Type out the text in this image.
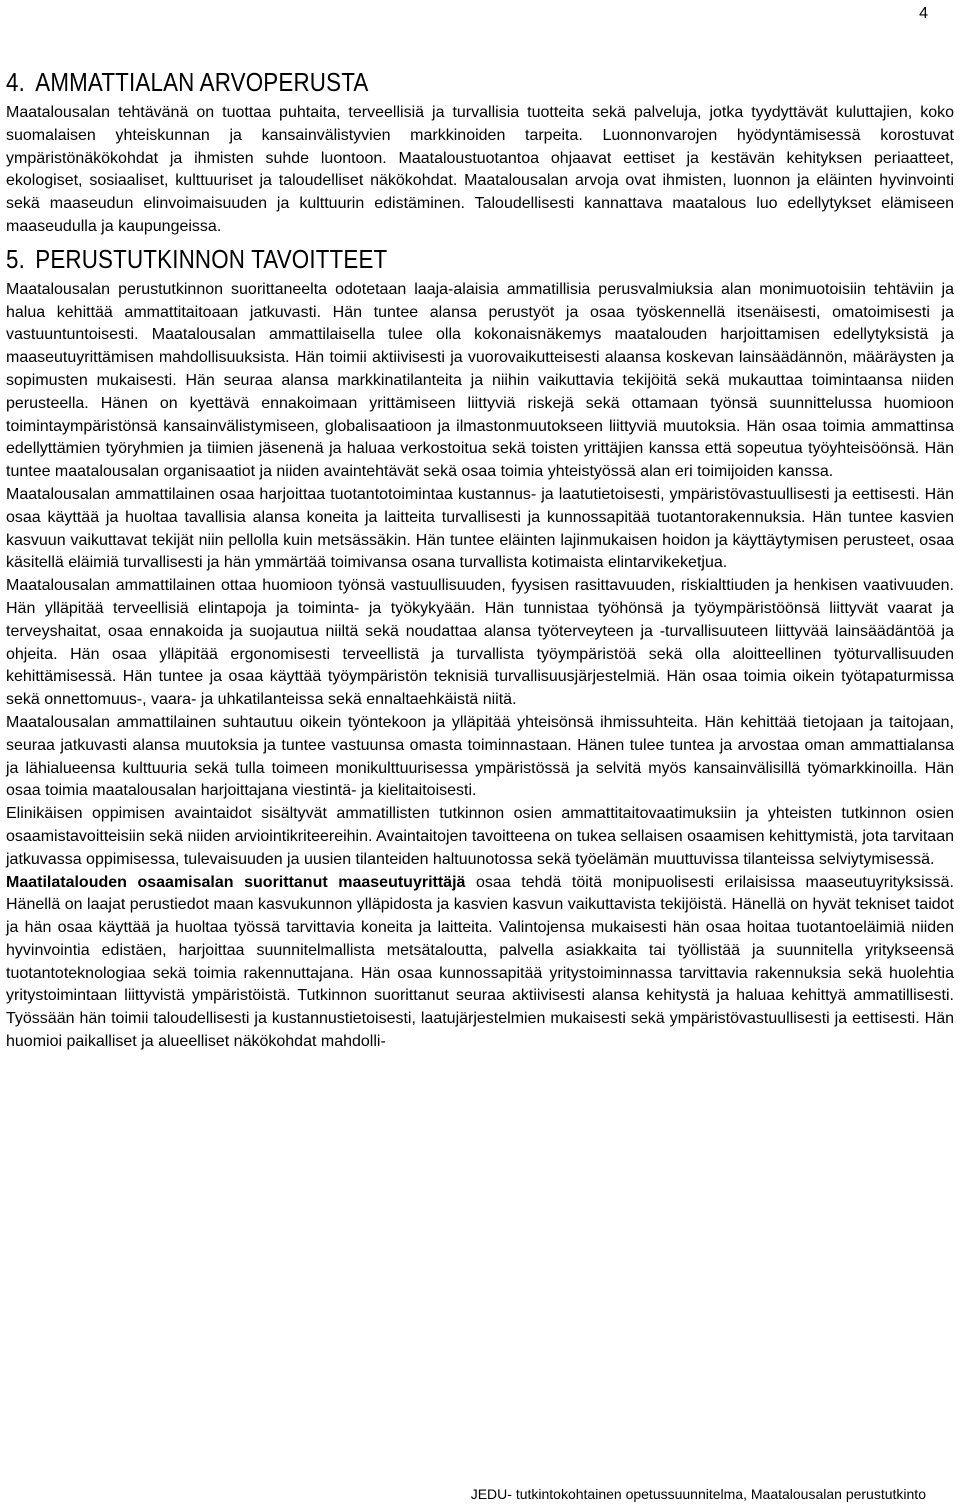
4
4. AMMATTIALAN ARVOPERUSTA

Maatalousalan tehtävänä on tuottaa puhtaita, terveellisiä ja turvallisia tuotteita sekä palveluja, jotka tyydyttävät kuluttajien, koko suomalaisen yhteiskunnan ja kansainvälistyvien markkinoiden tarpeita. Luonnonvarojen hyödyntämisessä korostuvat ympäristönäkökohdat ja ihmisten suhde luontoon. Maataloustuotantoa ohjaavat eettiset ja kestävän kehityksen periaatteet, ekologiset, sosiaaliset, kulttuuriset ja taloudelliset näkökohdat. Maatalousalan arvoja ovat ihmisten, luonnon ja eläinten hyvinvointi sekä maaseudun elinvoimaisuuden ja kulttuurin edistäminen. Taloudellisesti kannattava maatalous luo edellytykset elämiseen maaseudulla ja kaupungeissa.

5. PERUSTUTKINNON TAVOITTEET

Maatalousalan perustutkinnon suorittaneelta odotetaan laaja-alaisia ammatillisia perusvalmiuksia alan monimuotoisiin tehtäviin ja halua kehittää ammattitaitoaan jatkuvasti. Hän tuntee alansa perustyöt ja osaa työskennellä itsenäisesti, omatoimisesti ja vastuuntuntoisesti. Maatalousalan ammattilaisella tulee olla kokonaisnäkemys maatalouden harjoittamisen edellytyksistä ja maaseutuyrittämisen mahdollisuuksista. Hän toimii aktiivisesti ja vuorovaikutteisesti alaansa koskevan lainsäädännön, määräysten ja sopimusten mukaisesti. Hän seuraa alansa markkinatilanteita ja niihin vaikuttavia tekijöitä sekä mukauttaa toimintaansa niiden perusteella. Hänen on kyettävä ennakoimaan yrittämiseen liittyviä riskejä sekä ottamaan työnsä suunnittelussa huomioon toimintaympäristönsä kansainvälistymiseen, globalisaatioon ja ilmastonmuutokseen liittyviä muutoksia. Hän osaa toimia ammattinsa edellyttämien työryhmien ja tiimien jäsenenä ja haluaa verkostoitua sekä toisten yrittäjien kanssa että sopeutua työyhteisöönsä. Hän tuntee maatalousalan organisaatiot ja niiden avaintehtävät sekä osaa toimia yhteistyössä alan eri toimijoiden kanssa.

Maatalousalan ammattilainen osaa harjoittaa tuotantotoimintaa kustannus- ja laatutietoisesti, ympäristövastuullisesti ja eettisesti. Hän osaa käyttää ja huoltaa tavallisia alansa koneita ja laitteita turvallisesti ja kunnossapitää tuotantorakennuksia. Hän tuntee kasvien kasvuun vaikuttavat tekijät niin pellolla kuin metsässäkin. Hän tuntee eläinten lajinmukaisen hoidon ja käyttäytymisen perusteet, osaa käsitellä eläimiä turvallisesti ja hän ymmärtää toimivansa osana turvallista kotimaista elintarvikeketjua.

Maatalousalan ammattilainen ottaa huomioon työnsä vastuullisuuden, fyysisen rasittavuuden, riskialttiuden ja henkisen vaativuuden. Hän ylläpitää terveellisiä elintapoja ja toiminta- ja työkykyään. Hän tunnistaa työhönsä ja työympäristöönsä liittyvät vaarat ja terveyshaitat, osaa ennakoida ja suojautua niiltä sekä noudattaa alansa työterveyteen ja -turvallisuuteen liittyvää lainsäädäntöä ja ohjeita. Hän osaa ylläpitää ergonomisesti terveellistä ja turvallista työympäristöä sekä olla aloitteellinen työturvallisuuden kehittämisessä. Hän tuntee ja osaa käyttää työympäristön teknisiä turvallisuusjärjestelmiä. Hän osaa toimia oikein työtapaturmissa sekä onnettomuus-, vaara- ja uhkatilanteissa sekä ennaltaehkäistä niitä.

Maatalousalan ammattilainen suhtautuu oikein työntekoon ja ylläpitää yhteisönsä ihmissuhteita. Hän kehittää tietojaan ja taitojaan, seuraa jatkuvasti alansa muutoksia ja tuntee vastuunsa omasta toiminnastaan. Hänen tulee tuntea ja arvostaa oman ammattialansa ja lähialueensa kulttuuria sekä tulla toimeen monikulttuurisessa ympäristössä ja selvitä myös kansainvälisillä työmarkkinoilla. Hän osaa toimia maatalousalan harjoittajana viestintä- ja kielitaitoisesti.

Elinikäisen oppimisen avaintaidot sisältyvät ammatillisten tutkinnon osien ammattitaitovaatimuksiin ja yhteisten tutkinnon osien osaamistavoitteisiin sekä niiden arviointikriteereihin. Avaintaitojen tavoitteena on tukea sellaisen osaamisen kehittymistä, jota tarvitaan jatkuvassa oppimisessa, tulevaisuuden ja uusien tilanteiden haltuunotossa sekä työelämän muuttuvissa tilanteissa selviytymisessä.

Maatilatalouden osaamisalan suorittanut maaseutuyrittäjä osaa tehdä töitä monipuolisesti erilaisissa maaseutuyrityksissä. Hänellä on laajat perustiedot maan kasvukunnon ylläpidosta ja kasvien kasvun vaikuttavista tekijöistä. Hänellä on hyvät tekniset taidot ja hän osaa käyttää ja huoltaa työssä tarvittavia koneita ja laitteita. Valintojensa mukaisesti hän osaa hoitaa tuotantoeläimiä niiden hyvinvointia edistäen, harjoittaa suunnitelmallista metsätaloutta, palvella asiakkaita tai työllistää ja suunnitella yritykseensä tuotantoteknologiaa sekä toimia rakennuttajana. Hän osaa kunnossapitää yritystoiminnassa tarvittavia rakennuksia sekä huolehtia yritystoimintaan liittyvistä ympäristöistä. Tutkinnon suorittanut seuraa aktiivisesti alansa kehitystä ja haluaa kehittyä ammatillisesti. Työssään hän toimii taloudellisesti ja kustannustietoisesti, laatujärjestelmien mukaisesti sekä ympäristövastuullisesti ja eettisesti. Hän huomioi paikalliset ja alueelliset näkökohdat mahdolli-

JEDU- tutkintokohtainen opetussuunnitelma, Maatalousalan perustutkinto
